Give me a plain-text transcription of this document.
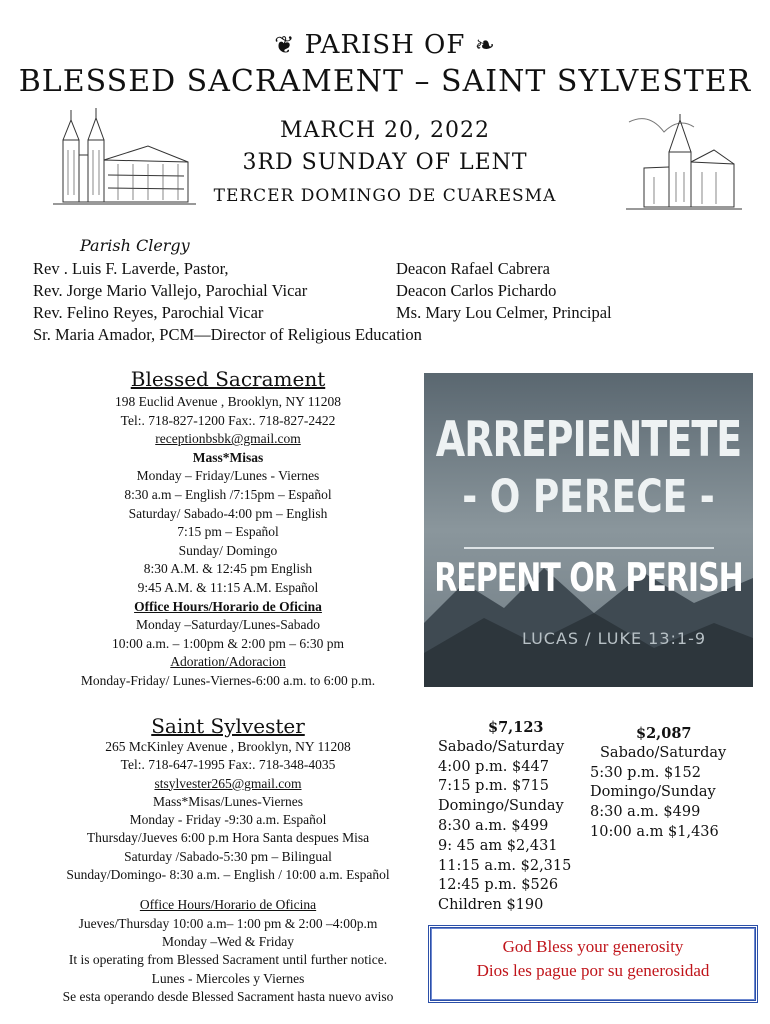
❦ PARISH OF ❧
BLESSED SACRAMENT – SAINT SYLVESTER
MARCH 20, 2022
3RD SUNDAY OF LENT
TERCER DOMINGO DE CUARESMA
Parish Clergy
Rev . Luis F. Laverde, Pastor,
Rev. Jorge Mario Vallejo, Parochial Vicar
Rev. Felino Reyes, Parochial Vicar
Sr. Maria Amador, PCM—Director of Religious Education
Deacon Rafael Cabrera
Deacon Carlos Pichardo
Ms. Mary Lou Celmer, Principal
Blessed Sacrament
198 Euclid Avenue , Brooklyn, NY 11208
Tel:. 718-827-1200 Fax:. 718-827-2422
receptionbsbk@gmail.com
Mass*Misas
Monday – Friday/Lunes - Viernes
8:30 a.m – English /7:15pm – Español
Saturday/ Sabado-4:00 pm – English
7:15 pm – Español
Sunday/ Domingo
8:30 A.M. & 12:45 pm English
9:45 A.M. & 11:15 A.M. Español
Office Hours/Horario de Oficina
Monday –Saturday/Lunes-Sabado
10:00 a.m. – 1:00pm & 2:00 pm – 6:30 pm
Adoration/Adoracion
Monday-Friday/ Lunes-Viernes-6:00 a.m. to 6:00 p.m.
ARREPIENTETE
- O PERECE -
REPENT OR PERISH
LUCAS / LUKE 13:1-9
Saint Sylvester
265 McKinley Avenue , Brooklyn, NY 11208
Tel:. 718-647-1995 Fax:. 718-348-4035
stsylvester265@gmail.com
Mass*Misas/Lunes-Viernes
Monday - Friday -9:30 a.m. Español
Thursday/Jueves 6:00 p.m Hora Santa despues Misa
Saturday /Sabado-5:30 pm – Bilingual
Sunday/Domingo- 8:30 a.m. – English / 10:00 a.m. Español
Office Hours/Horario de Oficina
Jueves/Thursday 10:00 a.m– 1:00 pm & 2:00 –4:00p.m
Monday –Wed & Friday
It is operating from Blessed Sacrament until further notice.
Lunes - Miercoles y Viernes
Se esta operando desde Blessed Sacrament hasta nuevo aviso
$7,123
Sabado/Saturday
4:00 p.m. $447
7:15 p.m. $715
Domingo/Sunday
8:30 a.m. $499
9: 45 am $2,431
11:15 a.m. $2,315
12:45 p.m. $526
Children $190
$2,087
Sabado/Saturday
5:30 p.m. $152
Domingo/Sunday
8:30 a.m. $499
10:00 a.m $1,436
God Bless your generosity
Dios les pague por su generosidad
